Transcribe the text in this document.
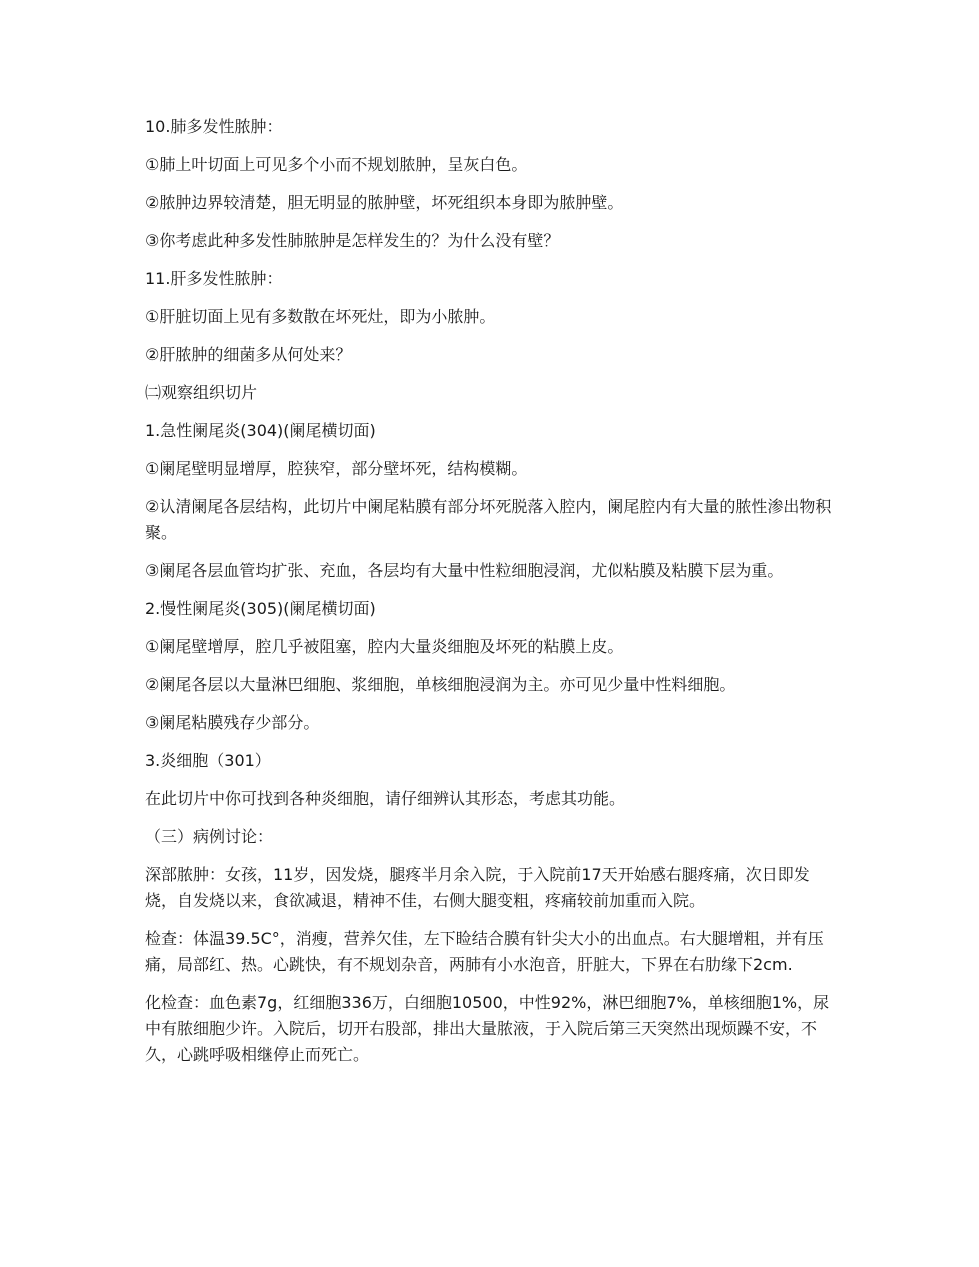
10.肺多发性脓肿：

①肺上叶切面上可见多个小而不规划脓肿，呈灰白色。

②脓肿边界较清楚，胆无明显的脓肿壁，坏死组织本身即为脓肿壁。

③你考虑此种多发性肺脓肿是怎样发生的？为什么没有壁？

11.肝多发性脓肿：

①肝脏切面上见有多数散在坏死灶，即为小脓肿。

②肝脓肿的细菌多从何处来？

㈡观察组织切片

1.急性阑尾炎(304)(阑尾横切面)

①阑尾壁明显增厚，腔狭窄，部分壁坏死，结构模糊。

②认清阑尾各层结构，此切片中阑尾粘膜有部分坏死脱落入腔内，阑尾腔内有大量的脓性渗出物积聚。

③阑尾各层血管均扩张、充血，各层均有大量中性粒细胞浸润，尤似粘膜及粘膜下层为重。

2.慢性阑尾炎(305)(阑尾横切面)

①阑尾壁增厚，腔几乎被阻塞，腔内大量炎细胞及坏死的粘膜上皮。

②阑尾各层以大量淋巴细胞、浆细胞，单核细胞浸润为主。亦可见少量中性料细胞。

③阑尾粘膜残存少部分。

3.炎细胞（301）

在此切片中你可找到各种炎细胞，请仔细辨认其形态，考虑其功能。

（三）病例讨论：

深部脓肿：女孩，11岁，因发烧，腿疼半月余入院，于入院前17天开始感右腿疼痛，次日即发烧，自发烧以来，食欲减退，精神不佳，右侧大腿变粗，疼痛较前加重而入院。

检查：体温39.5C°，消瘦，营养欠佳，左下睑结合膜有针尖大小的出血点。右大腿增粗，并有压痛，局部红、热。心跳快，有不规划杂音，两肺有小水泡音，肝脏大，下界在右肋缘下2cm.

化检查：血色素7g，红细胞336万，白细胞10500，中性92%，淋巴细胞7%，单核细胞1%，尿中有脓细胞少许。入院后，切开右股部，排出大量脓液，于入院后第三天突然出现烦躁不安，不久，心跳呼吸相继停止而死亡。
